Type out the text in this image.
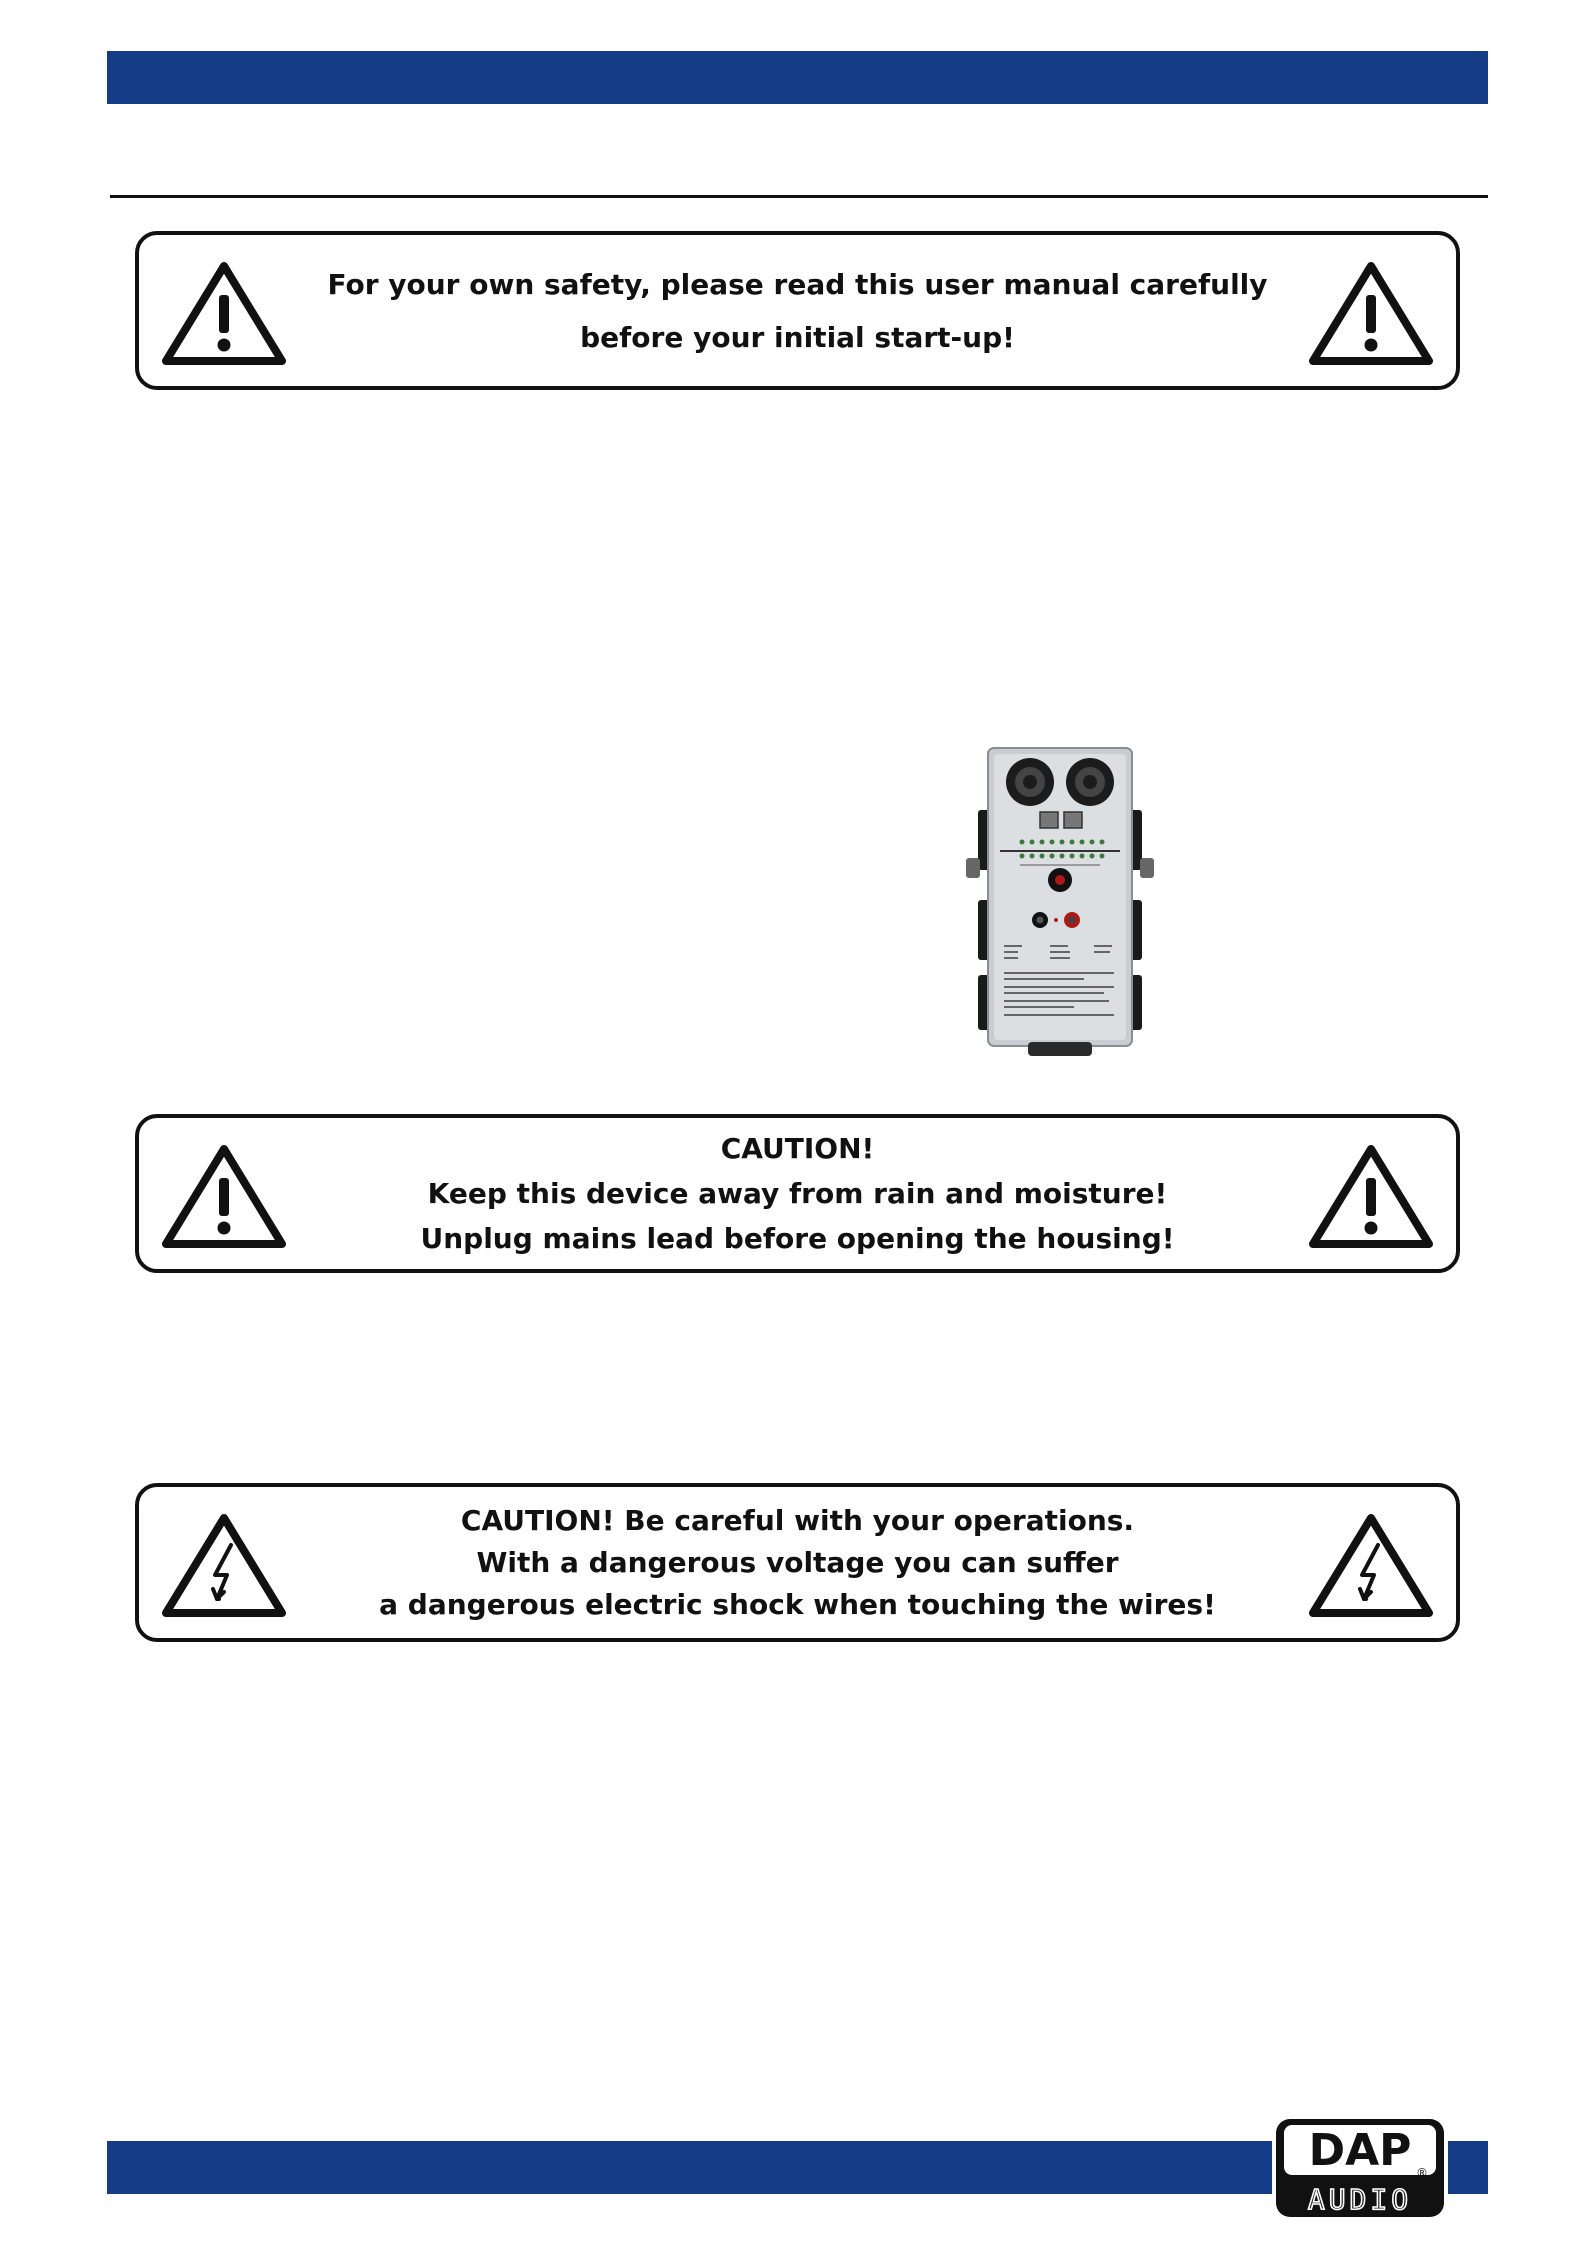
For your own safety, please read this user manual carefully
before your initial start-up!
CAUTION!
Keep this device away from rain and moisture!
Unplug mains lead before opening the housing!
CAUTION! Be careful with your operations.
With a dangerous voltage you can suffer
a dangerous electric shock when touching the wires!
DAP ®
AUDIO
